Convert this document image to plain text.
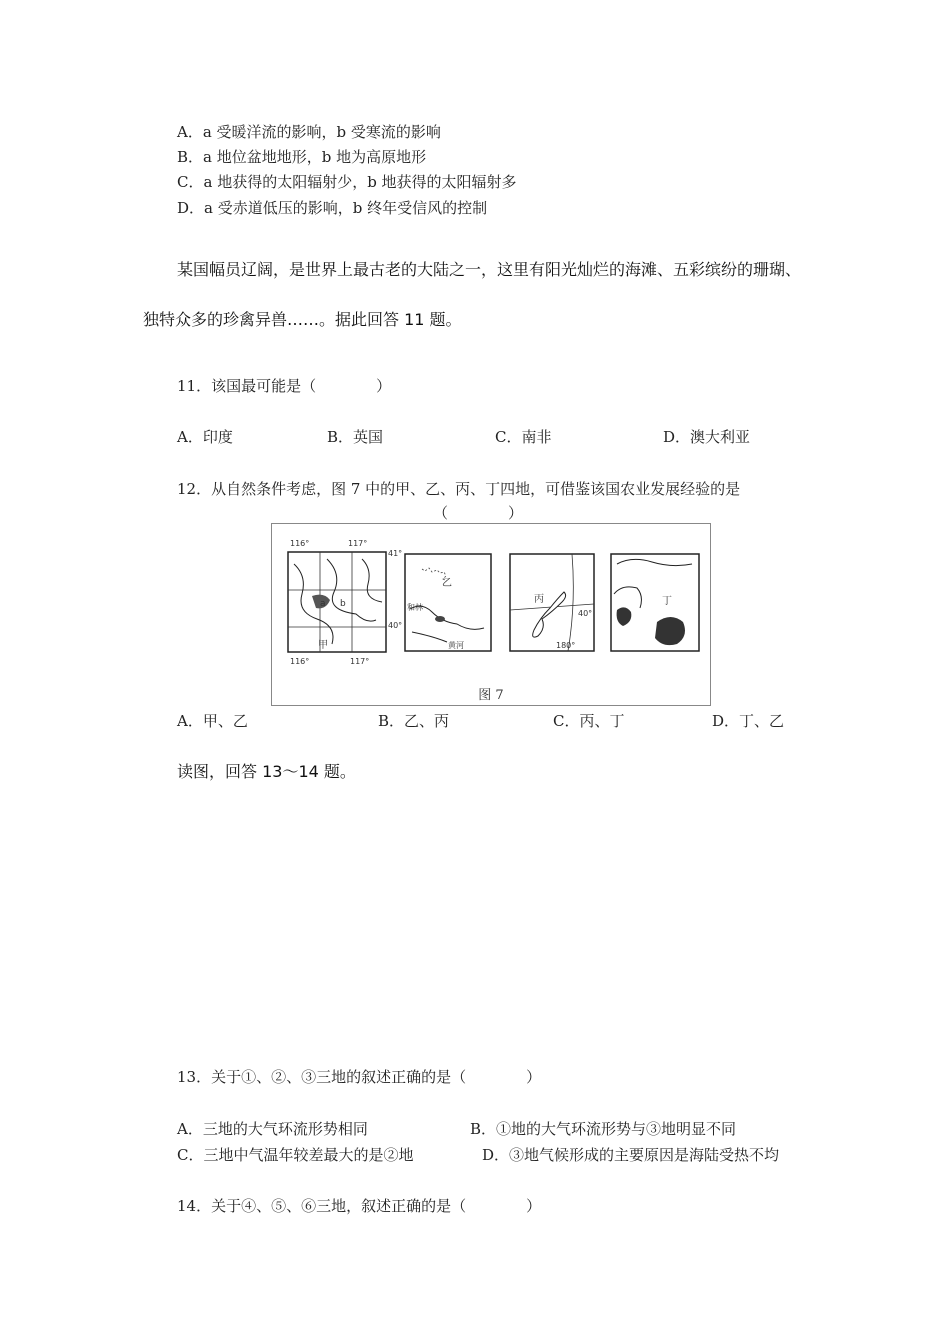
A．a 受暖洋流的影响，b 受寒流的影响
B．a 地位盆地地形，b 地为高原地形
C．a 地获得的太阳辐射少，b 地获得的太阳辐射多
D．a 受赤道低压的影响，b 终年受信风的控制
某国幅员辽阔，是世界上最古老的大陆之一，这里有阳光灿烂的海滩、五彩缤纷的珊瑚、
独特众多的珍禽异兽……。据此回答 11 题。
11．该国最可能是（　　　　）
A．印度	B．英国	C．南非	D．澳大利亚
12．从自然条件考虑，图 7 中的甲、乙、丙、丁四地，可借鉴该国农业发展经验的是
（　　　　）
116°	117°
41°
40°
116°	117°
甲
a b
乙
和林
黄河
丙
40°
180°
丁
图 7
A．甲、乙	B．乙、丙	C．丙、丁	D．丁、乙
读图，回答 13～14 题。
13．关于①、②、③三地的叙述正确的是（　　　　）
A．三地的大气环流形势相同	B．①地的大气环流形势与③地明显不同
C．三地中气温年较差最大的是②地	D．③地气候形成的主要原因是海陆受热不均
14．关于④、⑤、⑥三地，叙述正确的是（　　　　）
